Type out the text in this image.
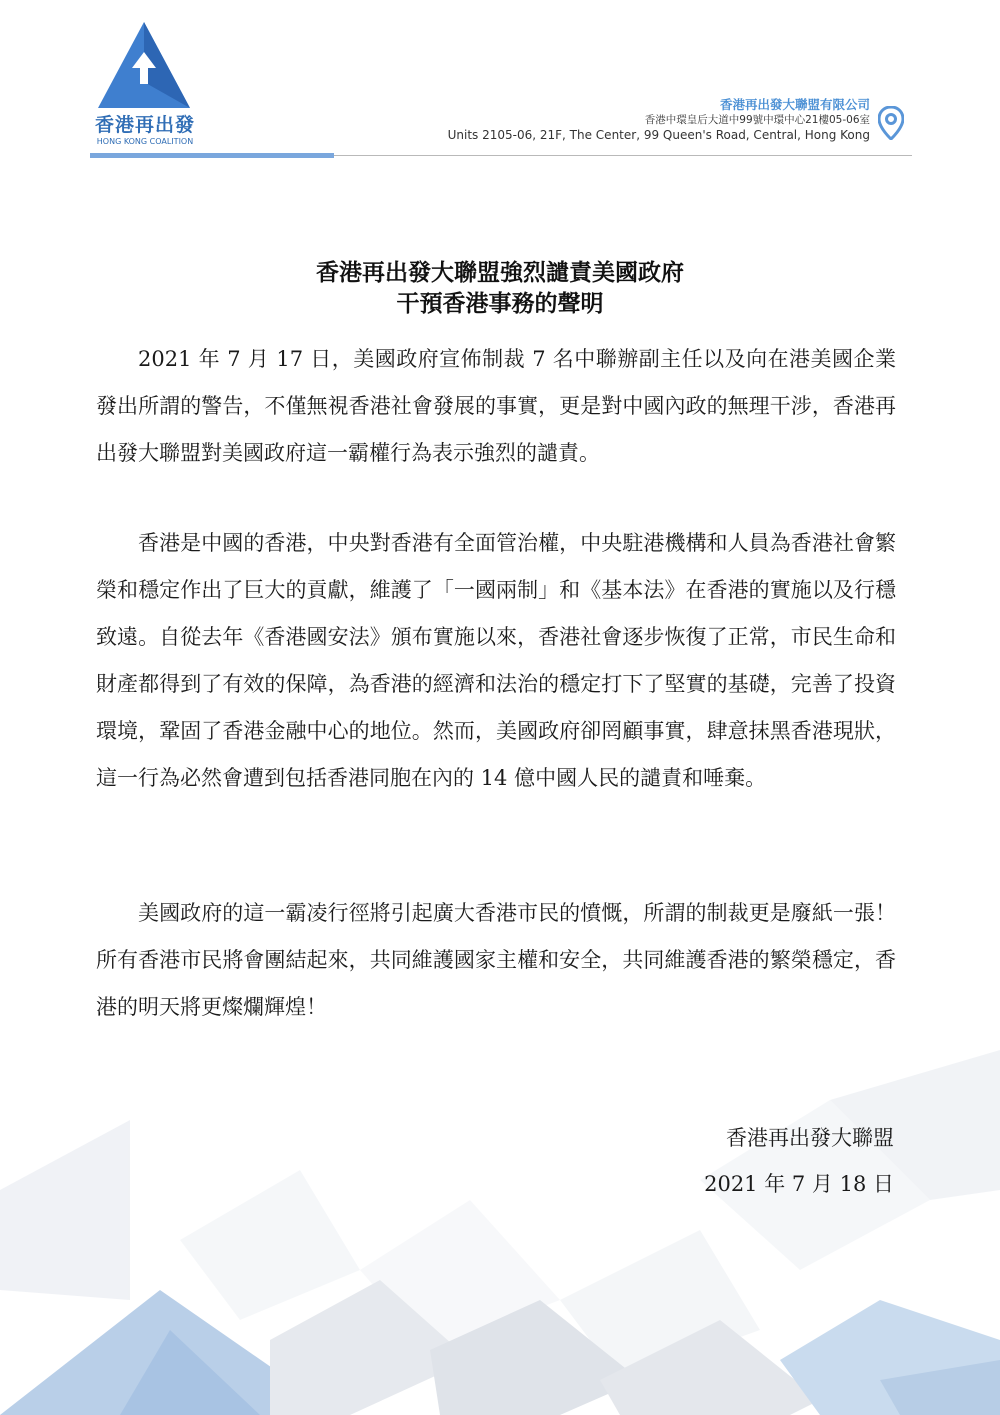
香港再出發
HONG KONG COALITION
香港再出發大聯盟有限公司
香港中環皇后大道中99號中環中心21樓05-06室
Units 2105-06, 21F, The Center, 99 Queen's Road, Central, Hong Kong
香港再出發大聯盟強烈譴責美國政府
干預香港事務的聲明

2021 年 7 月 17 日，美國政府宣佈制裁 7 名中聯辦副主任以及向在港美國企業發出所謂的警告，不僅無視香港社會發展的事實，更是對中國內政的無理干涉，香港再出發大聯盟對美國政府這一霸權行為表示強烈的譴責。

香港是中國的香港，中央對香港有全面管治權，中央駐港機構和人員為香港社會繁榮和穩定作出了巨大的貢獻，維護了「一國兩制」和《基本法》在香港的實施以及行穩致遠。自從去年《香港國安法》頒布實施以來，香港社會逐步恢復了正常，市民生命和財產都得到了有效的保障，為香港的經濟和法治的穩定打下了堅實的基礎，完善了投資環境，鞏固了香港金融中心的地位。然而，美國政府卻罔顧事實，肆意抹黑香港現狀，這一行為必然會遭到包括香港同胞在內的 14 億中國人民的譴責和唾棄。

美國政府的這一霸凌行徑將引起廣大香港市民的憤慨，所謂的制裁更是廢紙一張！所有香港市民將會團結起來，共同維護國家主權和安全，共同維護香港的繁榮穩定，香港的明天將更燦爛輝煌！

香港再出發大聯盟
2021 年 7 月 18 日
